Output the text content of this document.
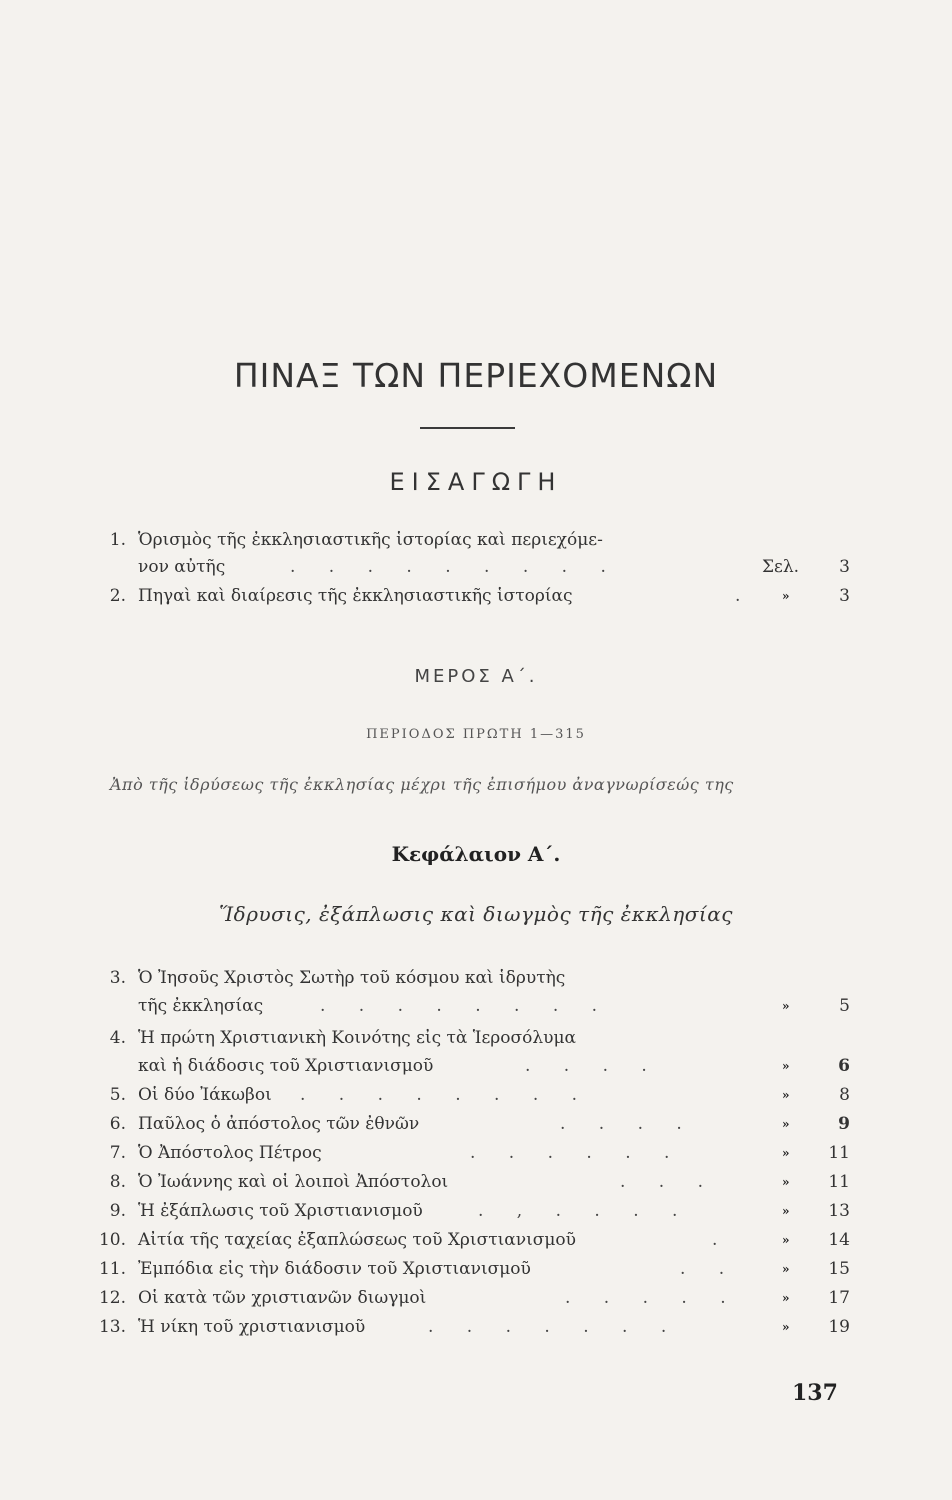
ΠΙΝΑΞ ΤΩΝ ΠΕΡΙΕΧΟΜΕΝΩΝ
ΕΙΣΑΓΩΓΗ
1. Ὁρισμὸς τῆς ἐκκλησιαστικῆς ἱστορίας καὶ περιεχόμε-
νον αὐτῆς	. . . . . . . . .	Σελ.	3
2. Πηγαὶ καὶ διαίρεσις τῆς ἐκκλησιαστικῆς ἱστορίας	. »	3
ΜΕΡΟΣ Α΄.
ΠΕΡΙΟΔΟΣ ΠΡΩΤΗ 1—315
Ἀπὸ τῆς ἱδρύσεως τῆς ἐκκλησίας μέχρι τῆς ἐπισήμου ἀναγνωρίσεώς της
Κεφάλαιον Α΄.
Ἵδρυσις, ἐξάπλωσις καὶ διωγμὸς τῆς ἐκκλησίας
3. Ὁ Ἰησοῦς Χριστὸς Σωτὴρ τοῦ κόσμου καὶ ἱδρυτὴς
τῆς ἐκκλησίας	. . . . . . . .	»	5
4. Ἡ πρώτη Χριστιανικὴ Κοινότης εἰς τὰ Ἱεροσόλυμα
καὶ ἡ διάδοσις τοῦ Χριστιανισμοῦ	. . . .	»	6
5. Οἱ δύο Ἰάκωβοι . . . . . . . .	»	8
6. Παῦλος ὁ ἀπόστολος τῶν ἐθνῶν	. . . .	»	9
7. Ὁ Ἀπόστολος Πέτρος	. . . . . .	»	11
8. Ὁ Ἰωάννης καὶ οἱ λοιποὶ Ἀπόστολοι	. . .	»	11
9. Ἡ ἐξάπλωσις τοῦ Χριστιανισμοῦ	. , . . . .	»	13
10. Αἰτία τῆς ταχείας ἐξαπλώσεως τοῦ Χριστιανισμοῦ	.	»	14
11. Ἐμπόδια εἰς τὴν διάδοσιν τοῦ Χριστιανισμοῦ	. .	»	15
12. Οἱ κατὰ τῶν χριστιανῶν διωγμοὶ	. . . . .	»	17
13. Ἡ νίκη τοῦ χριστιανισμοῦ	. . . . . . .	»	19
137
